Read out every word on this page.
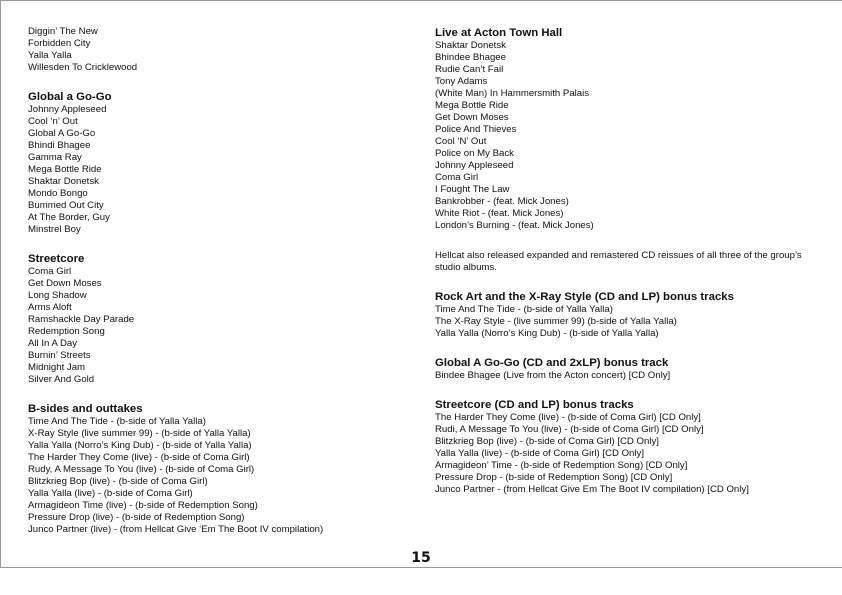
Diggin’ The New
Forbidden City
Yalla Yalla
Willesden To Cricklewood
Global a Go-Go
Johnny Appleseed
Cool ‘n’ Out
Global A Go-Go
Bhindi Bhagee
Gamma Ray
Mega Bottle Ride
Shaktar Donetsk
Mondo Bongo
Bummed Out City
At The Border, Guy
Minstrel Boy
Streetcore
Coma Girl
Get Down Moses
Long Shadow
Arms Aloft
Ramshackle Day Parade
Redemption Song
All In A Day
Burnin’ Streets
Midnight Jam
Silver And Gold
B-sides and outtakes
Time And The Tide - (b-side of Yalla Yalla)
X-Ray Style (live summer 99) - (b-side of Yalla Yalla)
Yalla Yalla (Norro’s King Dub) - (b-side of Yalla Yalla)
The Harder They Come (live) - (b-side of Coma Girl)
Rudy, A Message To You (live) - (b-side of Coma Girl)
Blitzkrieg Bop (live) - (b-side of Coma Girl)
Yalla Yalla (live) - (b-side of Coma Girl)
Armagideon Time (live) - (b-side of Redemption Song)
Pressure Drop (live) - (b-side of Redemption Song)
Junco Partner (live) - (from Hellcat Give ‘Em The Boot IV compilation)
Live at Acton Town Hall
Shaktar Donetsk
Bhindee Bhagee
Rudie Can’t Fail
Tony Adams
(White Man) In Hammersmith Palais
Mega Bottle Ride
Get Down Moses
Police And Thieves
Cool ‘N’ Out
Police on My Back
Johnny Appleseed
Coma Girl
I Fought The Law
Bankrobber - (feat. Mick Jones)
White Riot - (feat. Mick Jones)
London’s Burning - (feat. Mick Jones)
Hellcat also released expanded and remastered CD reissues of all three of the group’s studio albums.
Rock Art and the X-Ray Style (CD and LP) bonus tracks
Time And The Tide - (b-side of Yalla Yalla)
The X-Ray Style - (live summer 99) (b-side of Yalla Yalla)
Yalla Yalla (Norro’s King Dub) - (b-side of Yalla Yalla)
Global A Go-Go (CD and 2xLP) bonus track
Bindee Bhagee (Live from the Acton concert) [CD Only]
Streetcore (CD and LP) bonus tracks
The Harder They Come (live) - (b-side of Coma Girl) [CD Only]
Rudi, A Message To You (live) - (b-side of Coma Girl) [CD Only]
Blitzkrieg Bop (live) - (b-side of Coma Girl) [CD Only]
Yalla Yalla (live) - (b-side of Coma Girl) [CD Only]
Armagideon’ Time - (b-side of Redemption Song) [CD Only]
Pressure Drop - (b-side of Redemption Song) [CD Only]
Junco Partner - (from Hellcat Give Em The Boot IV compilation) [CD Only]
15
